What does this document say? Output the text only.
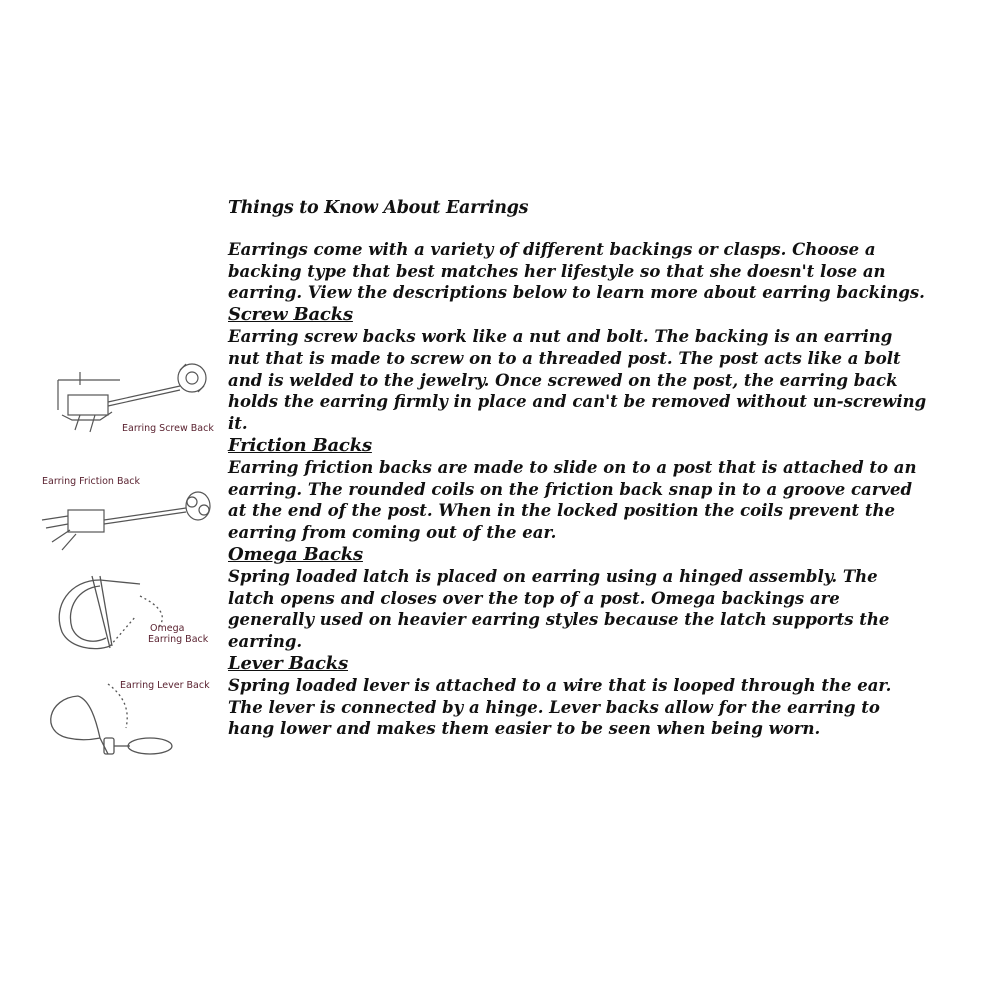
Things to Know About Earrings

Earrings come with a variety of different backings or clasps. Choose a backing type that best matches her lifestyle so that she doesn't lose an earring. View the descriptions below to learn more about earring backings.

Screw Backs

Earring screw backs work like a nut and bolt. The backing is an earring nut that is made to screw on to a threaded post. The post acts like a bolt and is welded to the jewelry. Once screwed on the post, the earring back holds the earring firmly in place and can't be removed without un-screwing it.

Friction Backs

Earring friction backs are made to slide on to a post that is attached to an earring. The rounded coils on the friction back snap in to a groove carved at the end of the post. When in the locked position the coils prevent the earring from coming out of the ear.

Omega Backs

Spring loaded latch is placed on earring using a hinged assembly. The latch opens and closes over the top of a post. Omega backings are generally used on heavier earring styles because the latch supports the earring.

Lever Backs

Spring loaded lever is attached to a wire that is looped through the ear. The lever is connected by a hinge. Lever backs allow for the earring to hang lower and makes them easier to be seen when being worn.

Earring Screw Back
Earring Friction Back
Omega
Earring Back
Earring Lever Back
